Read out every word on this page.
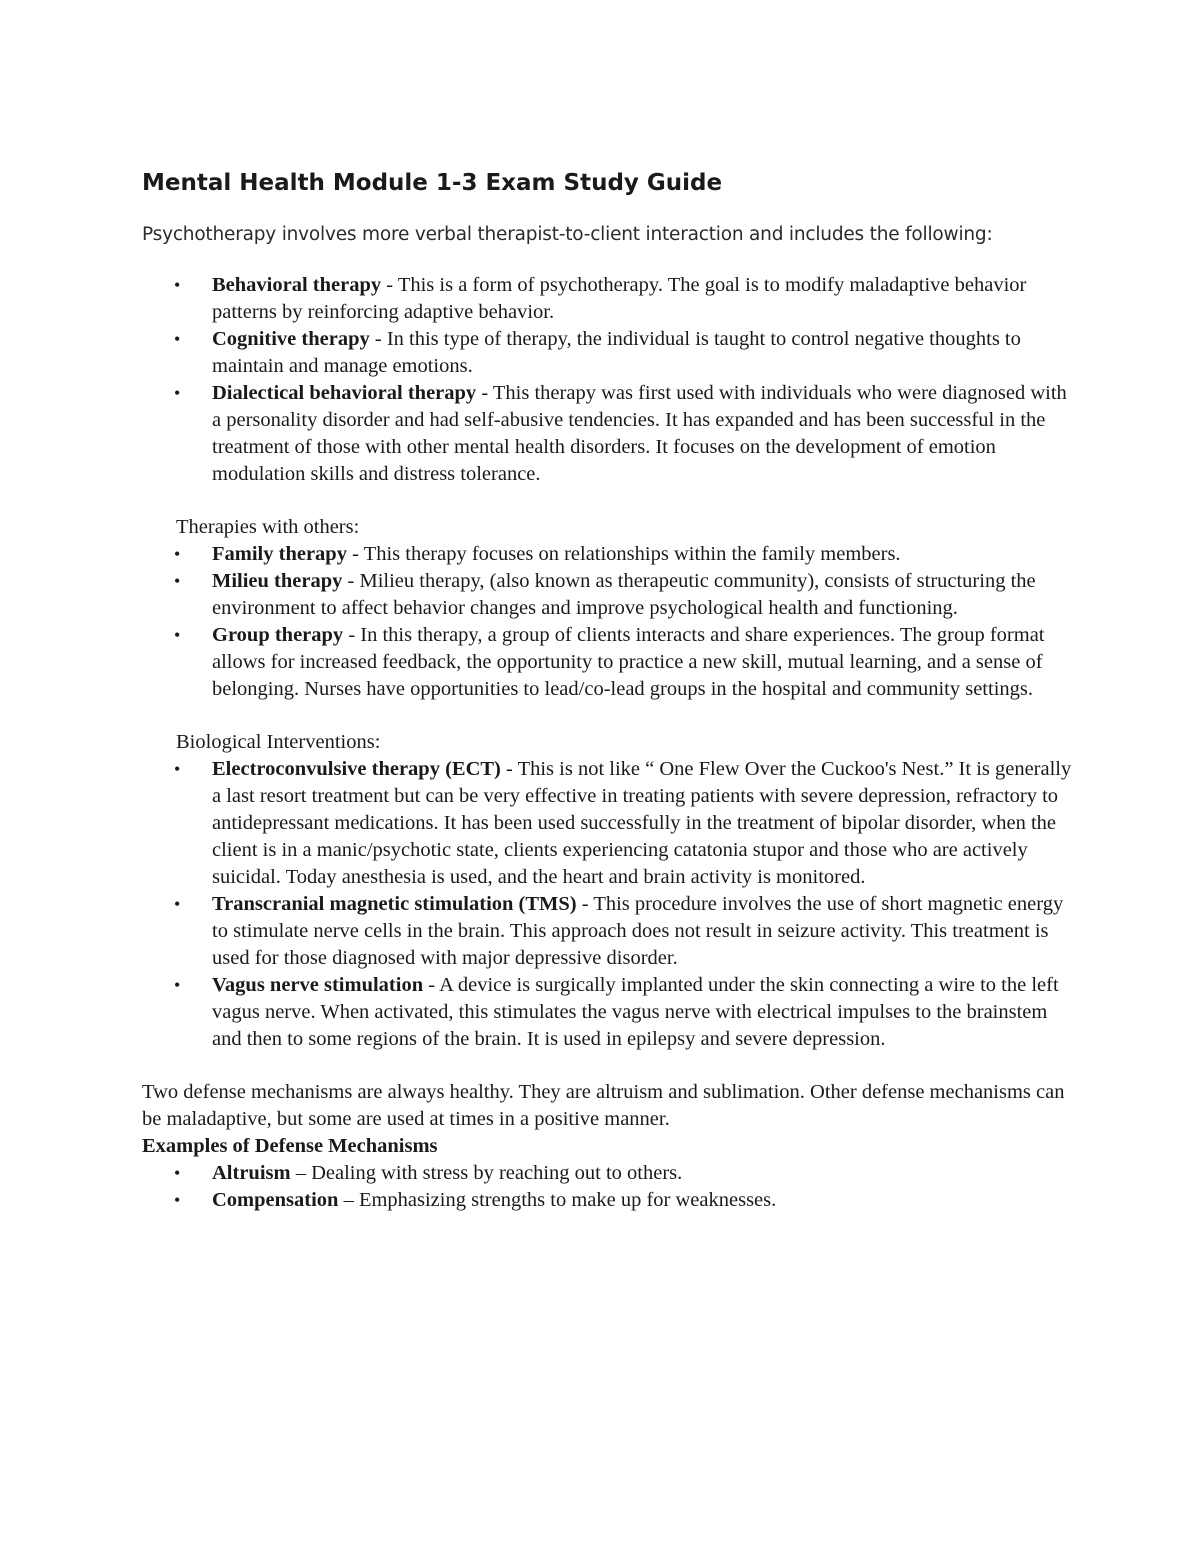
Mental Health Module 1-3 Exam Study Guide
Psychotherapy involves more verbal therapist-to-client interaction and includes the following:
• Behavioral therapy - This is a form of psychotherapy. The goal is to modify maladaptive behavior patterns by reinforcing adaptive behavior.
• Cognitive therapy - In this type of therapy, the individual is taught to control negative thoughts to maintain and manage emotions.
• Dialectical behavioral therapy - This therapy was first used with individuals who were diagnosed with a personality disorder and had self-abusive tendencies. It has expanded and has been successful in the treatment of those with other mental health disorders. It focuses on the development of emotion modulation skills and distress tolerance.
Therapies with others:
• Family therapy - This therapy focuses on relationships within the family members.
• Milieu therapy - Milieu therapy, (also known as therapeutic community), consists of structuring the environment to affect behavior changes and improve psychological health and functioning.
• Group therapy - In this therapy, a group of clients interacts and share experiences. The group format allows for increased feedback, the opportunity to practice a new skill, mutual learning, and a sense of belonging. Nurses have opportunities to lead/co-lead groups in the hospital and community settings.
Biological Interventions:
• Electroconvulsive therapy (ECT) - This is not like “ One Flew Over the Cuckoo's Nest.” It is generally a last resort treatment but can be very effective in treating patients with severe depression, refractory to antidepressant medications. It has been used successfully in the treatment of bipolar disorder, when the client is in a manic/psychotic state, clients experiencing catatonia stupor and those who are actively suicidal. Today anesthesia is used, and the heart and brain activity is monitored.
• Transcranial magnetic stimulation (TMS) - This procedure involves the use of short magnetic energy to stimulate nerve cells in the brain. This approach does not result in seizure activity. This treatment is used for those diagnosed with major depressive disorder.
• Vagus nerve stimulation - A device is surgically implanted under the skin connecting a wire to the left vagus nerve. When activated, this stimulates the vagus nerve with electrical impulses to the brainstem and then to some regions of the brain. It is used in epilepsy and severe depression.

Two defense mechanisms are always healthy. They are altruism and sublimation. Other defense mechanisms can be maladaptive, but some are used at times in a positive manner.

Examples of Defense Mechanisms

• Altruism – Dealing with stress by reaching out to others.
• Compensation – Emphasizing strengths to make up for weaknesses.
